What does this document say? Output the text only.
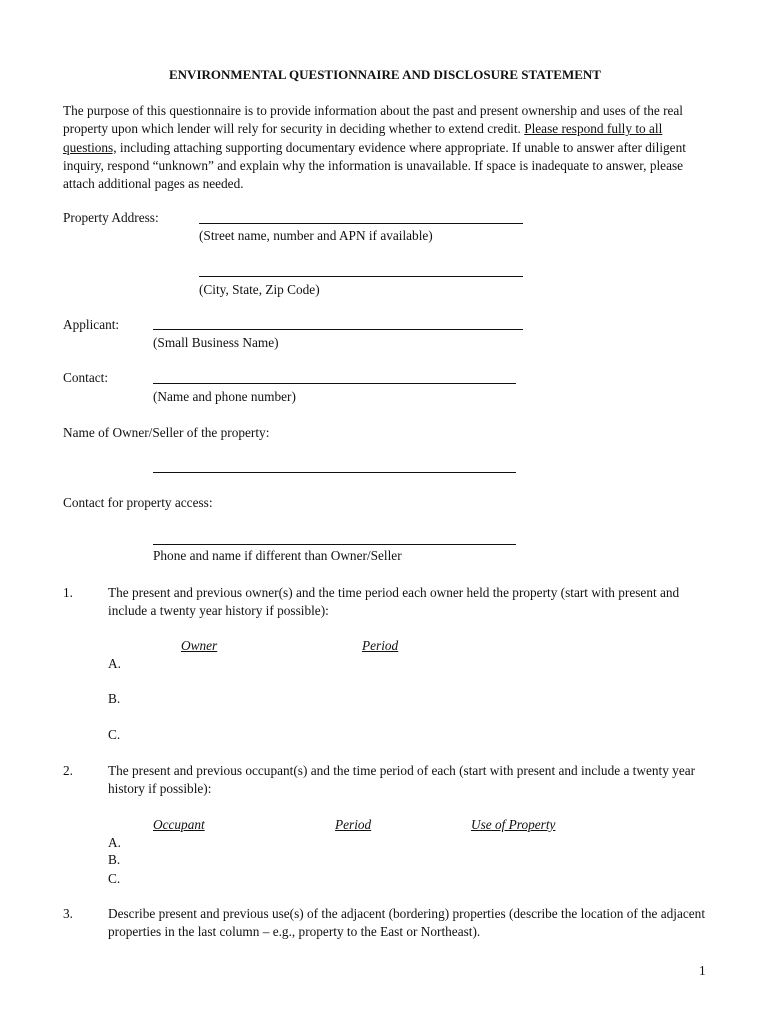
ENVIRONMENTAL QUESTIONNAIRE AND DISCLOSURE STATEMENT
The purpose of this questionnaire is to provide information about the past and present ownership and uses of the real property upon which lender will rely for security in deciding whether to extend credit. Please respond fully to all questions, including attaching supporting documentary evidence where appropriate. If unable to answer after diligent inquiry, respond “unknown” and explain why the information is unavailable. If space is inadequate to answer, please attach additional pages as needed.
Property Address:
(Street name, number and APN if available)
(City, State, Zip Code)
Applicant:
(Small Business Name)
Contact:
(Name and phone number)
Name of Owner/Seller of the property:
Contact for property access:
Phone and name if different than Owner/Seller
1.	The present and previous owner(s) and the time period each owner held the property (start with present and include a twenty year history if possible):
Owner	Period
A.
B.
C.
2.	The present and previous occupant(s) and the time period of each (start with present and include a twenty year history if possible):
Occupant	Period	Use of Property
A.
B.
C.
3.	Describe present and previous use(s) of the adjacent (bordering) properties (describe the location of the adjacent properties in the last column – e.g., property to the East or Northeast).
1
